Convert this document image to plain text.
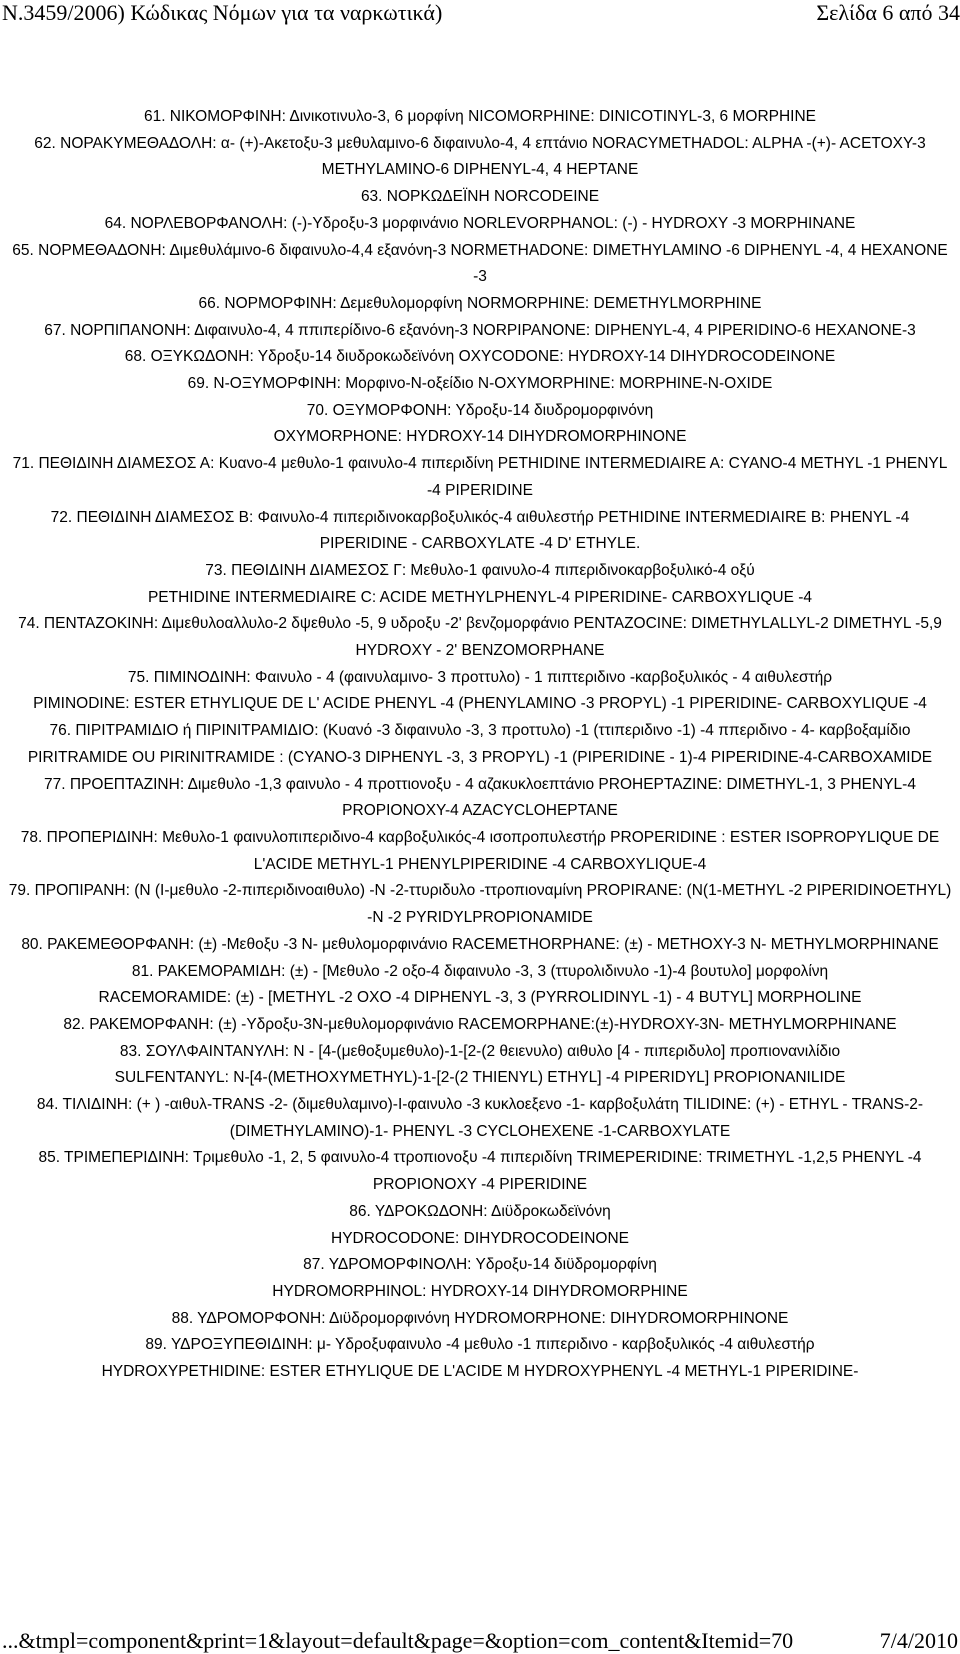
N.3459/2006) Κώδικας Νόμων για τα ναρκωτικά)	Σελίδα 6 από 34

61. ΝΙΚΟΜΟΡΦΙΝΗ: Δινικοτινυλο-3, 6 μορφίνη NICOMORPHINE: DINICOTINYL-3, 6 MORPHINE

62. ΝΟΡΑΚΥΜΕΘΑΔΟΛΗ: α- (+)-Ακετοξυ-3 μεθυλαμινο-6 διφαινυλο-4, 4 επτάνιο NORACYMETHADOL: ALPHA -(+)- ACETOXY-3 METHYLAMINO-6 DIPHENYL-4, 4 HEPTANE

63. ΝΟΡΚΩΔΕΪΝΗ NORCODEINE

64. ΝΟΡΛΕΒΟΡΦΑΝΟΛΗ: (-)-Υδροξυ-3 μορφινάνιο NORLEVORPHANOL: (-) - HYDROXY -3 MORPHINANE

65. ΝΟΡΜΕΘΑΔΟΝΗ: Διμεθυλάμινο-6 διφαινυλο-4,4 εξανόνη-3 NORMETHADONE: DIMETHYLAMINO -6 DIPHENYL -4, 4 HEXANONE -3

66. ΝΟΡΜΟΡΦΙΝΗ: Δεμεθυλομορφίνη NORMORPHINE: DEMETHYLMORPHINE

67. ΝΟΡΠΙΠΑΝΟΝΗ: Διφαινυλο-4, 4 ππιπερίδινο-6 εξανόνη-3 NORPIPANONE: DIPHENYL-4, 4 PIPERIDINO-6 HEXANONE-3

68. ΟΞΥΚΩΔΟΝΗ: Υδροξυ-14 διυδροκωδεϊνόνη OXYCODONE: HYDROXY-14 DIHYDROCODEINONE

69. N-ΟΞΥΜΟΡΦΙΝΗ: Μορφινο-N-οξείδιο N-OXYMORPHINE: MORPHINE-N-OXIDE

70. ΟΞΥΜΟΡΦΟΝΗ: Υδροξυ-14 διυδρομορφινόνη
OXYMORPHONE: HYDROXY-14 DIHYDROMORPHINONE

71. ΠΕΘΙΔΙΝΗ ΔΙΑΜΕΣΟΣ Α: Κυανο-4 μεθυλο-1 φαινυλο-4 πιπεριδίνη PETHIDINE INTERMEDIAIRE A: CYANO-4 METHYL -1 PHENYL -4 PIPERIDINE

72. ΠΕΘΙΔΙΝΗ ΔΙΑΜΕΣΟΣ Β: Φαινυλο-4 πιπεριδινοκαρβοξυλικός-4 αιθυλεστήρ PETHIDINE INTERMEDIAIRE B: PHENYL -4 PIPERIDINE - CARBOXYLATE -4 D' ETHYLE.

73. ΠΕΘΙΔΙΝΗ ΔΙΑΜΕΣΟΣ Γ: Μεθυλο-1 φαινυλο-4 πιπεριδινοκαρβοξυλικό-4 οξύ
PETHIDINE INTERMEDIAIRE C: ACIDE METHYLPHENYL-4 PIPERIDINE- CARBOXYLIQUE -4

74. ΠΕΝΤΑΖΟΚΙΝΗ: Διμεθυλοαλλυλο-2 δψεθυλο -5, 9 υδροξυ -2' βενζομορφάνιο PENTAZOCINE: DIMETHYLALLYL-2 DIMETHYL -5,9 HYDROXY - 2' BENZOMORPHANE

75. ΠΙΜΙΝΟΔΙΝΗ: Φαινυλο - 4 (φαινυλαμινο- 3 προττυλο) - 1 πιπτεριδινο -καρβοξυλικός - 4 αιθυλεστήρ
PIMINODINE: ESTER ETHYLIQUE DE L' ACIDE PHENYL -4 (PHENYLAMINO -3 PROPYL) -1 PIPERIDINE- CARBOXYLIQUE -4

76. ΠΙΡΙΤΡΑΜΙΔΙΟ ή ΠΙΡΙΝΙΤΡΑΜΙΔΙΟ: (Κυανό -3 διφαινυλο -3, 3 προττυλο) -1 (ττιπεριδινο -1) -4 ππεριδινο - 4- καρβοξαμίδιο
PIRITRAMIDE OU PIRINITRAMIDE : (CYANO-3 DIPHENYL -3, 3 PROPYL) -1 (PIPERIDINE - 1)-4 PIPERIDINE-4-CARBOXAMIDE

77. ΠΡΟΕΠΤΑΖΙΝΗ: Διμεθυλο -1,3 φαινυλο - 4 προττιονοξυ - 4 αζακυκλοεπτάνιο PROHEPTAZINE: DIMETHYL-1, 3 PHENYL-4 PROPIONOXY-4 AZACYCLOHEPTANE

78. ΠΡΟΠΕΡΙΔΙΝΗ: Μεθυλο-1 φαινυλοπιπεριδινο-4 καρβοξυλικός-4 ισοπροπυλεστήρ PROPERIDINE : ESTER ISOPROPYLIQUE DE L'ACIDE METHYL-1 PHENYLPIPERIDINE -4 CARBOXYLIQUE-4

79. ΠΡΟΠΙΡΑΝΗ: (Ν (Ι-μεθυλο -2-πιπεριδινοαιθυλο) -Ν -2-ττυριδυλο -ττροπιοναμίνη PROPIRANE: (N(1-METHYL -2 PIPERIDINOETHYL) -N -2 PYRIDYLPROPIONAMIDE

80. ΡΑΚΕΜΕΘΟΡΦΑΝΗ: (±) -Μεθοξυ -3 Ν- μεθυλομορφινάνιο RACEMETHORPHANE: (±) - METHOXY-3 N- METHYLMORPHINANE

81. ΡΑΚΕΜΟΡΑΜΙΔΗ: (±) - [Μεθυλο -2 οξο-4 διφαινυλο -3, 3 (ττυρολιδινυλο -1)-4 βουτυλο] μορφολίνη
RACEMORAMIDE: (±) - [METHYL -2 OXO -4 DIPHENYL -3, 3 (PYRROLIDINYL -1) - 4 BUTYL] MORPHOLINE

82. ΡΑΚΕΜΟΡΦΑΝΗ: (±) -Υδροξυ-3Ν-μεθυλομορφινάνιο RACEMORPHANE:(±)-HYDROXY-3N- METHYLMORPHINANE

83. ΣΟΥΛΦΑΙΝΤΑΝΥΛΗ: Ν - [4-(μεθοξυμεθυλο)-1-[2-(2 θειενυλο) αιθυλο [4 - πιπεριδυλο] προπιονανιλίδιο
SULFENTANYL: N-[4-(METHOXYMETHYL)-1-[2-(2 THIENYL) ETHYL] -4 PIPERIDYL] PROPIONANILIDE

84. ΤΙΛΙΔΙΝΗ: (+ ) -αιθυλ-TRANS -2- (διμεθυλαμινο)-Ι-φαινυλο -3 κυκλοεξενο -1- καρβοξυλάτη TILIDINE: (+) - ETHYL - TRANS-2-(DIMETHYLAMINO)-1- PHENYL -3 CYCLOHEXENE -1-CARBOXYLATE

85. ΤΡΙΜΕΠΕΡΙΔΙΝΗ: Τριμεθυλο -1, 2, 5 φαινυλο-4 ττροπιονοξυ -4 πιπεριδίνη TRIMEPERIDINE: TRIMETHYL -1,2,5 PHENYL -4 PROPIONOXY -4 PIPERIDINE

86. ΥΔΡΟΚΩΔΟΝΗ: Διϋδροκωδεϊνόνη
HYDROCODONE: DIHYDROCODEINONE

87. ΥΔΡΟΜΟΡΦΙΝΟΛΗ: Υδροξυ-14 διϋδρομορφίνη
HYDROMORPHINOL: HYDROXY-14 DIHYDROMORPHINE

88. ΥΔΡΟΜΟΡΦΟΝΗ: Διϋδρομορφινόνη HYDROMORPHONE: DIHYDROMORPHINONE

89. ΥΔΡΟΞΥΠΕΘΙΔΙΝΗ: μ- Υδροξυφαινυλο -4 μεθυλο -1 πιπεριδινο - καρβοξυλικός -4 αιθυλεστήρ
HYDROXYPETHIDINE: ESTER ETHYLIQUE DE L'ACIDE M HYDROXYPHENYL -4 METHYL-1 PIPERIDINE-

...&tmpl=component&print=1&layout=default&page=&option=com_content&Itemid=70	7/4/2010
